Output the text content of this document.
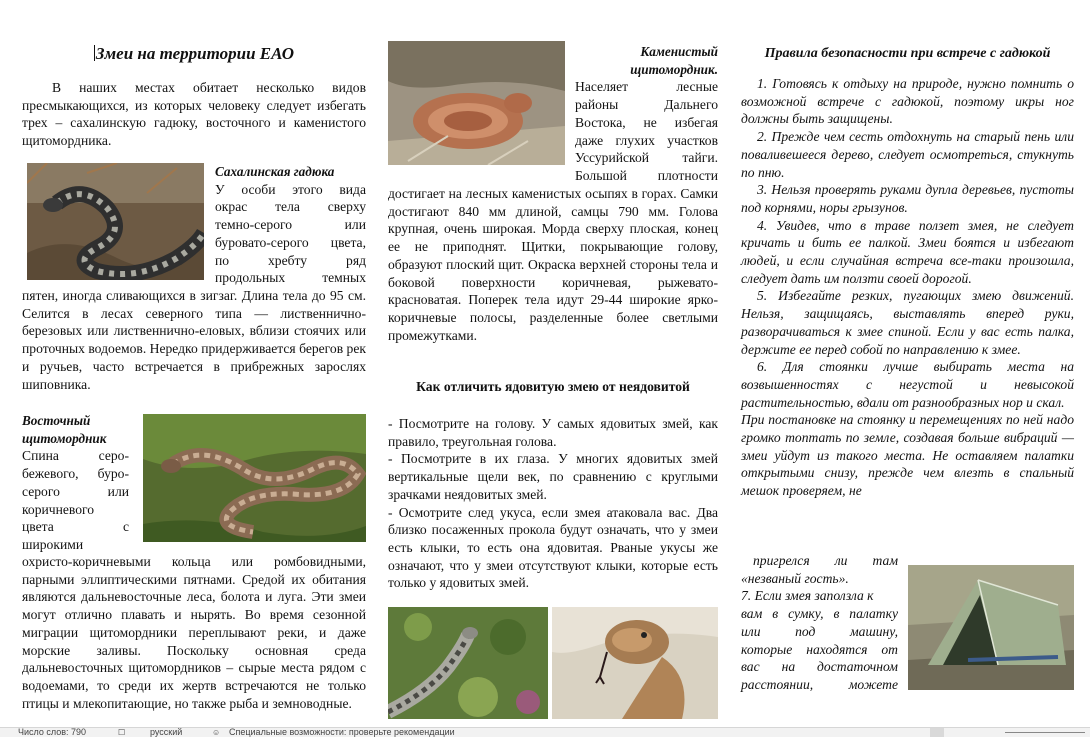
Змеи на территории ЕАО

В наших местах обитает несколько видов пресмыкающихся, из которых человеку следует избегать трех – сахалинскую гадюку, восточного и каменистого щитомордника.

Сахалинская гадюка

У особи этого вида

окрас тела сверху

темно-серого или

буровато-серого цвета,

по хребту ряд

продольных темных

пятен, иногда сливающихся в зигзаг. Длина тела до 95 см. Селится в лесах северного типа — лиственнично-березовых или лиственнично-еловых, вблизи стоячих или проточных водоемов. Нередко придерживается берегов рек и ручьев, часто встречается в прибрежных зарослях шиповника.

Восточный щитомордник

Спина серо-

бежевого, буро-

серого или

коричневого

цвета с

широкими

охристо-коричневыми кольца или ромбовидными, парными эллиптическими пятнами. Средой их обитания являются дальневосточные леса, болота и луга. Эти змеи могут отлично плавать и нырять. Во время сезонной миграции щитомордники переплывают реки, и даже морские заливы. Поскольку основная среда дальневосточных щитомордников – сырые места рядом с водоемами, то среди их жертв встречаются не только птицы и млекопитающие, но также рыба и земноводные.

Каменистый щитомордник.

Населяет лесные

районы Дальнего

Востока, не избегая

даже глухих участков

Уссурийской тайги.

Большой плотности

достигает на лесных каменистых осыпях в горах. Самки достигают 840 мм длиной, самцы 790 мм. Голова крупная, очень широкая. Морда сверху плоская, конец ее не приподнят. Щитки, покрывающие голову, образуют плоский щит. Окраска верхней стороны тела и боковой поверхности коричневая, рыжевато-красноватая. Поперек тела идут 29-44 широкие ярко-коричневые полосы, разделенные более светлыми промежутками.

Как отличить ядовитую змею от неядовитой

- Посмотрите на голову. У самых ядовитых змей, как правило, треугольная голова.

- Посмотрите в их глаза. У многих ядовитых змей вертикальные щели век, по сравнению с круглыми зрачками неядовитых змей.

- Осмотрите след укуса, если змея атаковала вас. Два близко посаженных прокола будут означать, что у змеи есть клыки, то есть она ядовитая. Рваные укусы же означают, что у змеи отсутствуют клыки, которые есть только у ядовитых змей.

Правила безопасности при встрече с гадюкой

1. Готовясь к отдыху на природе, нужно помнить о возможной встрече с гадюкой, поэтому икры ног должны быть защищены.

2. Прежде чем сесть отдохнуть на старый пень или поваливешееся дерево, следует осмотреться, стукнуть по пню.

3. Нельзя проверять руками дупла деревьев, пустоты под корнями, норы грызунов.

4. Увидев, что в траве ползет змея, не следует кричать и бить ее палкой. Змеи боятся и избегают людей, и если случайная встреча все-таки произошла, следует дать им ползти своей дорогой.

5. Избегайте резких, пугающих змею движений. Нельзя, защищаясь, выставлять вперед руки, разворачиваться к змее спиной. Если у вас есть палка, держите ее перед собой по направлению к змее.

6. Для стоянки лучше выбирать места на возвышенностях с негустой и невысокой растительностью, вдали от разнообразных нор и скал.

При постановке на стоянку и перемещениях по ней надо громко топтать по земле, создавая больше вибраций — змеи уйдут из такого места. Не оставляем палатки открытыми снизу, прежде чем влезть в спальный мешок проверяем, не

пригрелся ли там

«незваный гость».

7. Если змея заползла к

вам в сумку, в палатку

или под машину,

которые находятся от

вас на достаточном

расстоянии, можете

Число слов: 790	☐	русский	☺ Специальные возможности: проверьте рекомендации
